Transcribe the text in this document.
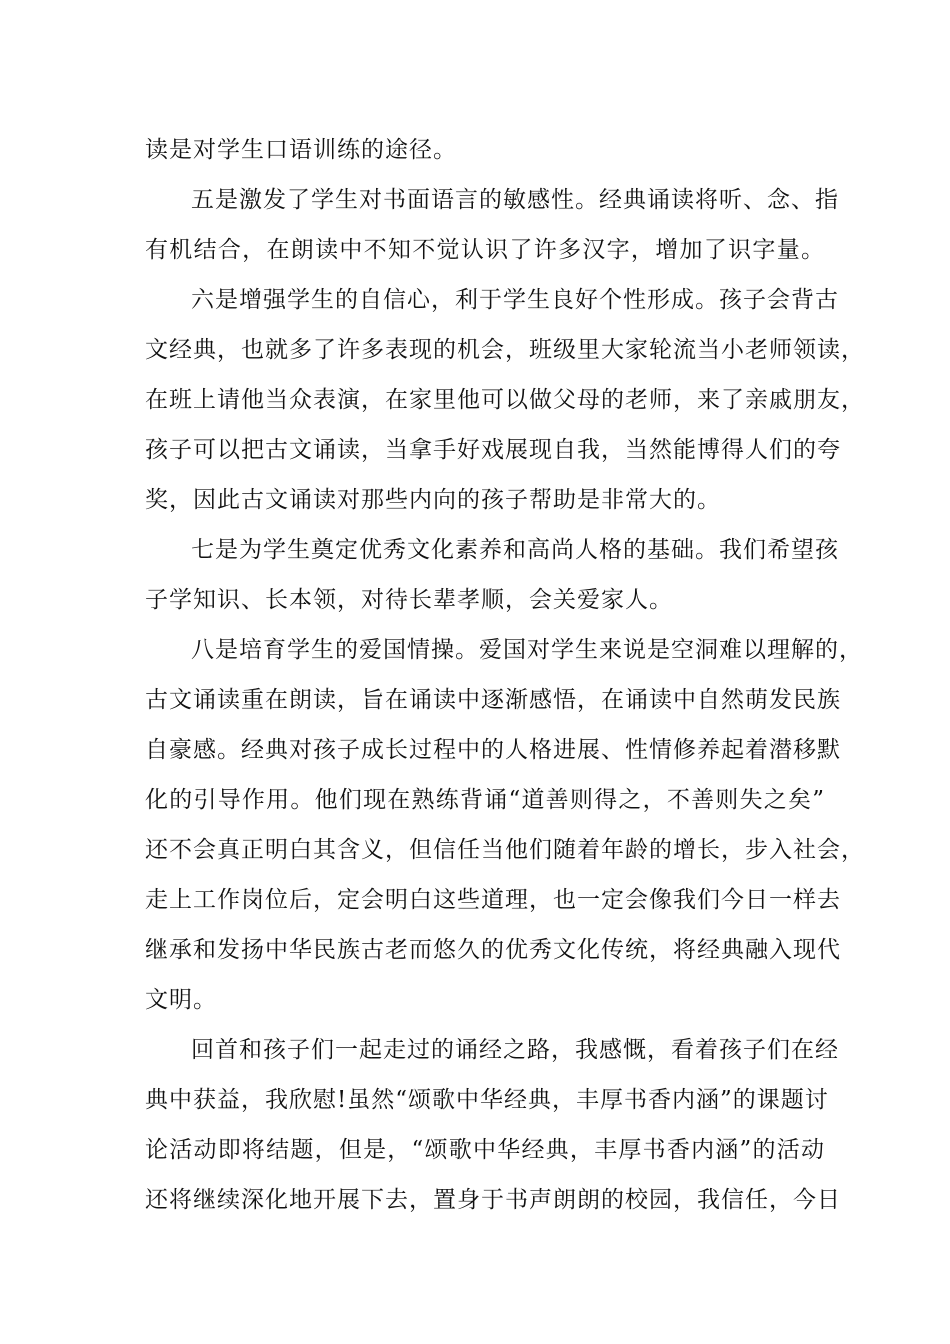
读是对学生口语训练的途径。
五是激发了学生对书面语言的敏感性。经典诵读将听、念、指
有机结合，在朗读中不知不觉认识了许多汉字，增加了识字量。
六是增强学生的自信心，利于学生良好个性形成。孩子会背古
文经典，也就多了许多表现的机会，班级里大家轮流当小老师领读，
在班上请他当众表演，在家里他可以做父母的老师，来了亲戚朋友，
孩子可以把古文诵读，当拿手好戏展现自我，当然能博得人们的夸
奖，因此古文诵读对那些内向的孩子帮助是非常大的。
七是为学生奠定优秀文化素养和高尚人格的基础。我们希望孩
子学知识、长本领，对待长辈孝顺，会关爱家人。
八是培育学生的爱国情操。爱国对学生来说是空洞难以理解的，
古文诵读重在朗读，旨在诵读中逐渐感悟，在诵读中自然萌发民族
自豪感。经典对孩子成长过程中的人格进展、性情修养起着潜移默
化的引导作用。他们现在熟练背诵“道善则得之，不善则失之矣”
还不会真正明白其含义，但信任当他们随着年龄的增长，步入社会，
走上工作岗位后，定会明白这些道理，也一定会像我们今日一样去
继承和发扬中华民族古老而悠久的优秀文化传统，将经典融入现代
文明。
回首和孩子们一起走过的诵经之路，我感慨，看着孩子们在经
典中获益，我欣慰!虽然“颂歌中华经典，丰厚书香内涵”的课题讨
论活动即将结题，但是，“颂歌中华经典，丰厚书香内涵”的活动
还将继续深化地开展下去，置身于书声朗朗的校园，我信任，今日
